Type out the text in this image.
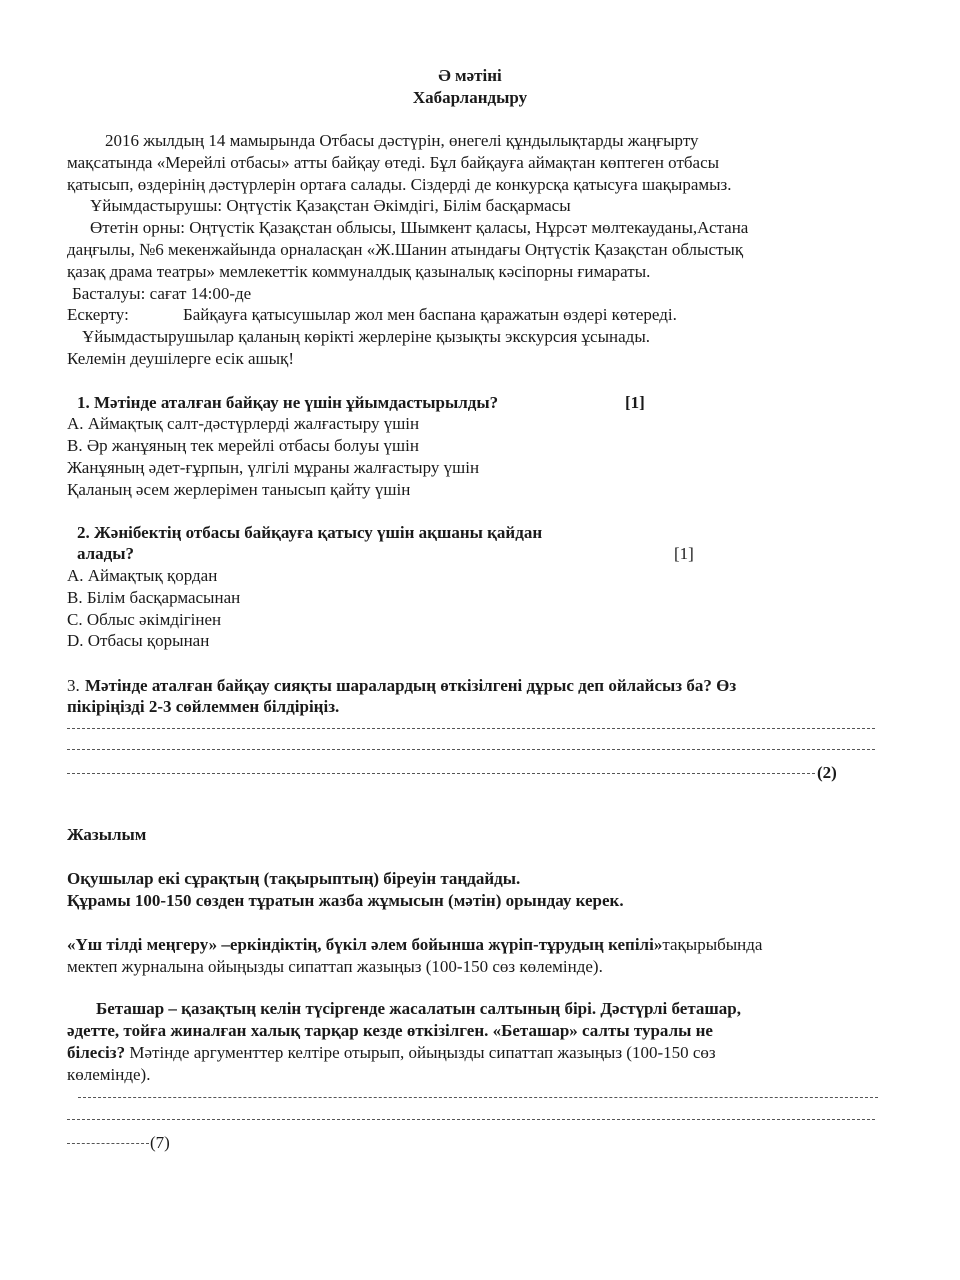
Ә мәтіні
Хабарландыру
2016 жылдың 14 мамырында Отбасы дәстүрін, өнегелі құндылықтарды жаңғырту
мақсатында «Мерейлі отбасы» атты байқау өтеді. Бұл байқауға аймақтан көптеген отбасы
қатысып, өздерінің дәстүрлерін ортаға салады. Сіздерді де конкурсқа қатысуға шақырамыз.
Ұйымдастырушы: Оңтүстік Қазақстан Әкімдігі, Білім басқармасы
Өтетін орны: Оңтүстік Қазақстан облысы, Шымкент қаласы, Нұрсәт мөлтекауданы,Астана
даңғылы, №6 мекенжайында орналасқан «Ж.Шанин атындағы Оңтүстік Қазақстан облыстық
қазақ драма театры» мемлекеттік коммуналдық қазыналық кәсіпорны ғимараты.
Басталуы: сағат 14:00-де
Ескерту:	Байқауға қатысушылар жол мен баспана қаражатын өздері көтереді.
Ұйымдастырушылар қаланың көрікті жерлеріне қызықты экскурсия ұсынады.
Келемін деушілерге есік ашық!
1. Мәтінде аталған байқау не үшін ұйымдастырылды?	[1]
А. Аймақтық салт-дәстүрлерді жалғастыру үшін
В. Әр жанұяның тек мерейлі отбасы болуы үшін
Жанұяның әдет-ғұрпын, үлгілі мұраны жалғастыру үшін
Қаланың әсем жерлерімен танысып қайту үшін
2. Жәнібектің отбасы байқауға қатысу үшін ақшаны қайдан
алады?	[1]
А. Аймақтық қордан
В. Білім басқармасынан
С. Облыс әкімдігінен
D. Отбасы қорынан
3. Мәтінде аталған байқау сияқты шаралардың өткізілгені дұрыс деп ойлайсыз ба? Өз
пікіріңізді 2-3 сөйлеммен білдіріңіз.
(2)
Жазылым
Оқушылар екі сұрақтың (тақырыптың) біреуін таңдайды.
Құрамы 100-150 сөзден тұратын жазба жұмысын (мәтін) орындау керек.
«Үш тілді меңгеру» –еркіндіктің, бүкіл әлем бойынша жүріп-тұрудың кепілі»тақырыбында
мектеп журналына ойыңызды сипаттап жазыңыз (100-150 сөз көлемінде).
Беташар – қазақтың келін түсіргенде жасалатын салтының бірі. Дәстүрлі беташар,
әдетте, тойға жиналған халық тарқар кезде өткізілген. «Беташар» салты туралы не
білесіз? Мәтінде аргументтер келтіре отырып, ойыңызды сипаттап жазыңыз (100-150 сөз
көлемінде).
(7)
